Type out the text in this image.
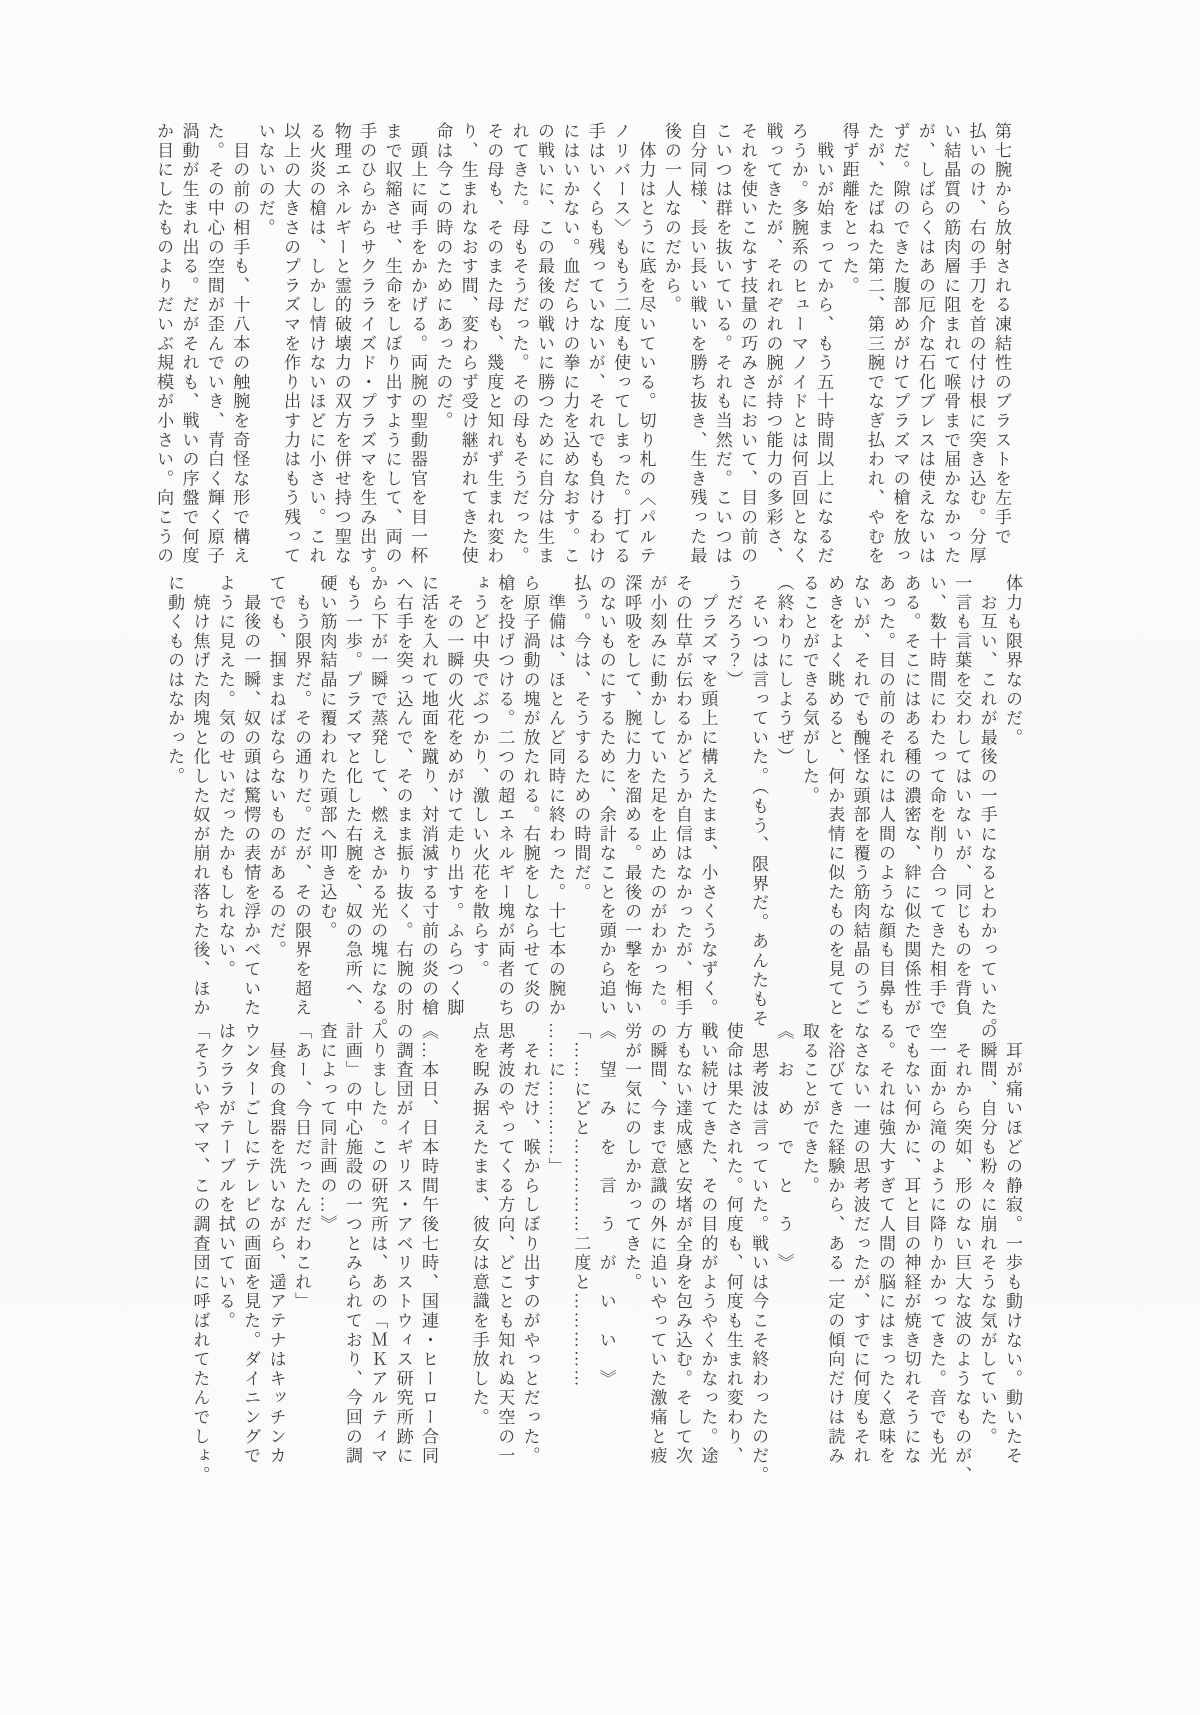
第七腕から放射される凍結性のブラストを左手で
払いのけ、右の手刀を首の付け根に突き込む。分厚
い結晶質の筋肉層に阻まれて喉骨まで届かなかった
が、しばらくはあの厄介な石化ブレスは使えないは
ずだ。隙のできた腹部めがけてプラズマの槍を放っ
たが、たばねた第二、第三腕でなぎ払われ、やむを
得ず距離をとった。
　戦いが始まってから、もう五十時間以上になるだ
ろうか。多腕系のヒューマノイドとは何百回となく
戦ってきたが、それぞれの腕が持つ能力の多彩さ、
それを使いこなす技量の巧みさにおいて、目の前の
こいつは群を抜いている。それも当然だ。こいつは
自分同様、長い長い戦いを勝ち抜き、生き残った最
後の一人なのだから。
　体力はとうに底を尽いている。切り札の〈パルテ
ノリバース〉ももう二度も使ってしまった。打てる
手はいくらも残っていないが、それでも負けるわけ
にはいかない。血だらけの拳に力を込めなおす。こ
の戦いに、この最後の戦いに勝つために自分は生ま
れてきた。母もそうだった。その母もそうだった。
その母も、そのまた母も、幾度と知れず生まれ変わ
り、生まれなおす間、変わらず受け継がれてきた使
命は今この時のためにあったのだ。
　頭上に両手をかかげる。両腕の聖動器官を目一杯
まで収縮させ、生命をしぼり出すようにして、両の
手のひらからサクラライズド・プラズマを生み出す。
物理エネルギーと霊的破壊力の双方を併せ持つ聖な
る火炎の槍は、しかし情けないほどに小さい。これ
以上の大きさのプラズマを作り出す力はもう残って
いないのだ。
　目の前の相手も、十八本の触腕を奇怪な形で構え
た。その中心の空間が歪んでいき、青白く輝く原子
渦動が生まれ出る。だがそれも、戦いの序盤で何度
か目にしたものよりだいぶ規模が小さい。向こうの
体力も限界なのだ。
　お互い、これが最後の一手になるとわかっていた。
一言も言葉を交わしてはいないが、同じものを背負
い、数十時間にわたって命を削り合ってきた相手で
ある。そこにはある種の濃密な、絆に似た関係性が
あった。目の前のそれには人間のような顔も目鼻も
ないが、それでも醜怪な頭部を覆う筋肉結晶のうご
めきをよく眺めると、何か表情に似たものを見てと
ることができる気がした。
（終わりにしようぜ）
　そいつは言っていた。（もう、限界だ。あんたもそ
うだろう？）
　プラズマを頭上に構えたまま、小さくうなずく。
その仕草が伝わるかどうか自信はなかったが、相手
が小刻みに動かしていた足を止めたのがわかった。
深呼吸をして、腕に力を溜める。最後の一撃を悔い
のないものにするために、余計なことを頭から追い
払う。今は、そうするための時間だ。
　準備は、ほとんど同時に終わった。十七本の腕か
ら原子渦動の塊が放たれる。右腕をしならせて炎の
槍を投げつける。二つの超エネルギー塊が両者のち
ょうど中央でぶつかり、激しい火花を散らす。
　その一瞬の火花をめがけて走り出す。ふらつく脚
に活を入れて地面を蹴り、対消滅する寸前の炎の槍
へ右手を突っ込んで、そのまま振り抜く。右腕の肘
から下が一瞬で蒸発して、燃えさかる光の塊になる。
もう一歩。プラズマと化した右腕を、奴の急所へ、
硬い筋肉結晶に覆われた頭部へ叩き込む。
　もう限界だ。その通りだ。だが、その限界を超え
てでも、掴まねばならないものがあるのだ。
　最後の一瞬、奴の頭は驚愕の表情を浮かべていた
ように見えた。気のせいだったかもしれない。
　焼け焦げた肉塊と化した奴が崩れ落ちた後、ほか
に動くものはなかった。
　耳が痛いほどの静寂。一歩も動けない。動いたそ
の瞬間、自分も粉々に崩れそうな気がしていた。
　それから突如、形のない巨大な波のようなものが、
空一面から滝のように降りかかってきた。音でも光
でもない何かに、耳と目の神経が焼き切れそうにな
る。それは強大すぎて人間の脳にはまったく意味を
なさない一連の思考波だったが、すでに何度もそれ
を浴びてきた経験から、ある一定の傾向だけは読み
取ることができた。
《　お　め　で　と　う　》
　思考波は言っていた。戦いは今こそ終わったのだ。
使命は果たされた。何度も、何度も生まれ変わり、
戦い続けてきた、その目的がようやくかなった。途
方もない達成感と安堵が全身を包み込む。そして次
の瞬間、今まで意識の外に追いやっていた激痛と疲
労が一気にのしかかってきた。
《　望　み　を　言　う　が　い　い　》
「……にどと……………二度と……………
……に…………」
　それだけ、喉からしぼり出すのがやっとだった。
思考波のやってくる方向、どことも知れぬ天空の一
点を睨み据えたまま、彼女は意識を手放した。
《…本日、日本時間午後七時、国連・ヒーロー合同
の調査団がイギリス・アベリストウィス研究所跡に
入りました。この研究所は、あの「ＭＫアルティマ
計画」の中心施設の一つとみられており、今回の調
査によって同計画の…》
「あー、今日だったんだわこれ」
　昼食の食器を洗いながら、遥アテナはキッチンカ
ウンターごしにテレビの画面を見た。ダイニングで
はクララがテーブルを拭いている。
「そういやママ、この調査団に呼ばれてたんでしょ。
